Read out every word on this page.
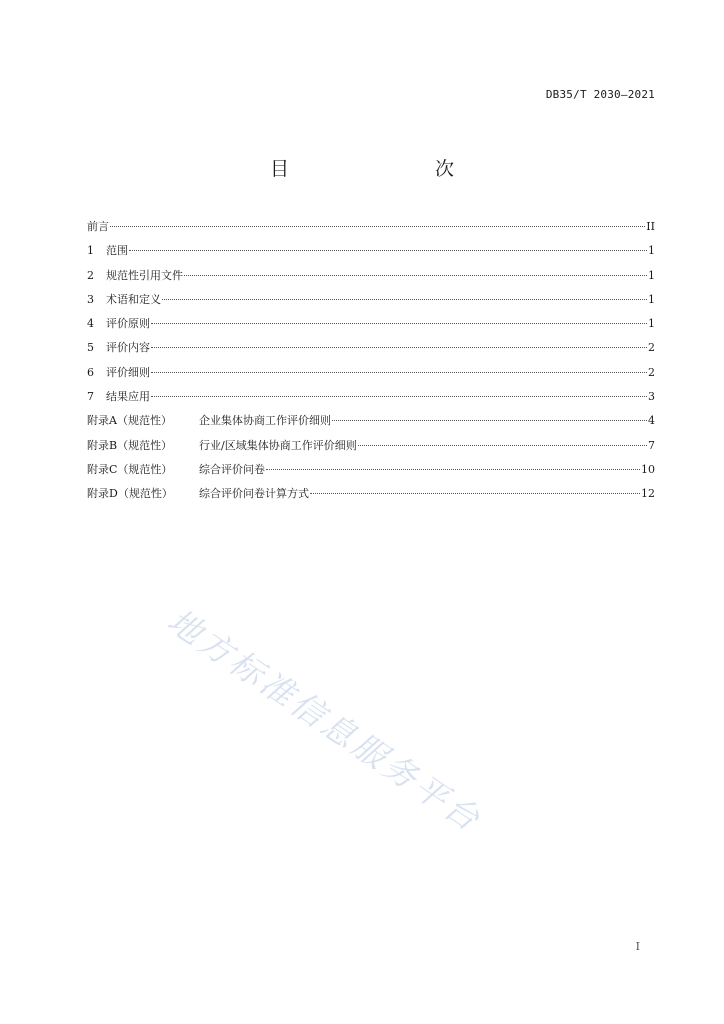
DB35/T 2030—2021
目　　次
前言	II
1	范围	1
2	规范性引用文件	1
3	术语和定义	1
4	评价原则	1
5	评价内容	2
6	评价细则	2
7	结果应用	3
附录A（规范性）	企业集体协商工作评价细则	4
附录B（规范性）	行业/区域集体协商工作评价细则	7
附录C（规范性）	综合评价问卷	10
附录D（规范性）	综合评价问卷计算方式	12
地方标准信息服务平台
I
